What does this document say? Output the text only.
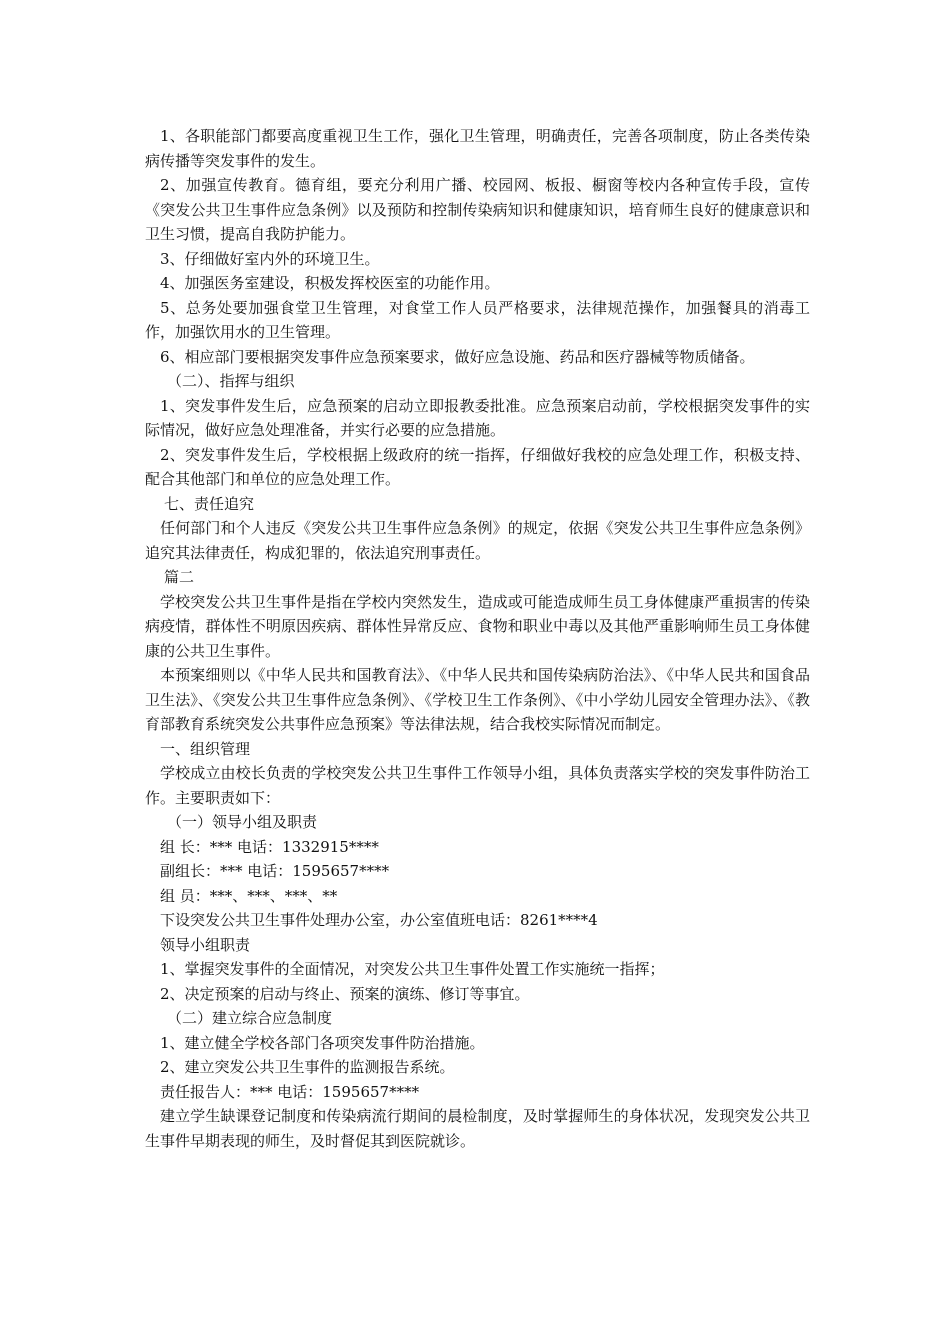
1、各职能部门都要高度重视卫生工作，强化卫生管理，明确责任，完善各项制度，防止各类传染病传播等突发事件的发生。

2、加强宣传教育。德育组，要充分利用广播、校园网、板报、橱窗等校内各种宣传手段，宣传《突发公共卫生事件应急条例》以及预防和控制传染病知识和健康知识，培育师生良好的健康意识和卫生习惯，提高自我防护能力。

3、仔细做好室内外的环境卫生。

4、加强医务室建设，积极发挥校医室的功能作用。

5、总务处要加强食堂卫生管理，对食堂工作人员严格要求，法律规范操作，加强餐具的消毒工作，加强饮用水的卫生管理。

6、相应部门要根据突发事件应急预案要求，做好应急设施、药品和医疗器械等物质储备。

（二）、指挥与组织

1、突发事件发生后，应急预案的启动立即报教委批准。应急预案启动前，学校根据突发事件的实际情况，做好应急处理准备，并实行必要的应急措施。

2、突发事件发生后，学校根据上级政府的统一指挥，仔细做好我校的应急处理工作，积极支持、配合其他部门和单位的应急处理工作。

七、责任追究

任何部门和个人违反《突发公共卫生事件应急条例》的规定，依据《突发公共卫生事件应急条例》追究其法律责任，构成犯罪的，依法追究刑事责任。

篇二

学校突发公共卫生事件是指在学校内突然发生，造成或可能造成师生员工身体健康严重损害的传染病疫情，群体性不明原因疾病、群体性异常反应、食物和职业中毒以及其他严重影响师生员工身体健康的公共卫生事件。

本预案细则以《中华人民共和国教育法》、《中华人民共和国传染病防治法》、《中华人民共和国食品卫生法》、《突发公共卫生事件应急条例》、《学校卫生工作条例》、《中小学幼儿园安全管理办法》、《教育部教育系统突发公共事件应急预案》等法律法规，结合我校实际情况而制定。

一、组织管理

学校成立由校长负责的学校突发公共卫生事件工作领导小组，具体负责落实学校的突发事件防治工作。主要职责如下：

（一）领导小组及职责

组 长：*** 电话：1332915****

副组长：*** 电话：1595657****

组 员：***、***、***、**

下设突发公共卫生事件处理办公室，办公室值班电话：8261****4

领导小组职责

1、掌握突发事件的全面情况，对突发公共卫生事件处置工作实施统一指挥；

2、决定预案的启动与终止、预案的演练、修订等事宜。

（二）建立综合应急制度

1、建立健全学校各部门各项突发事件防治措施。

2、建立突发公共卫生事件的监测报告系统。

责任报告人：*** 电话：1595657****

建立学生缺课登记制度和传染病流行期间的晨检制度，及时掌握师生的身体状况，发现突发公共卫生事件早期表现的师生，及时督促其到医院就诊。
